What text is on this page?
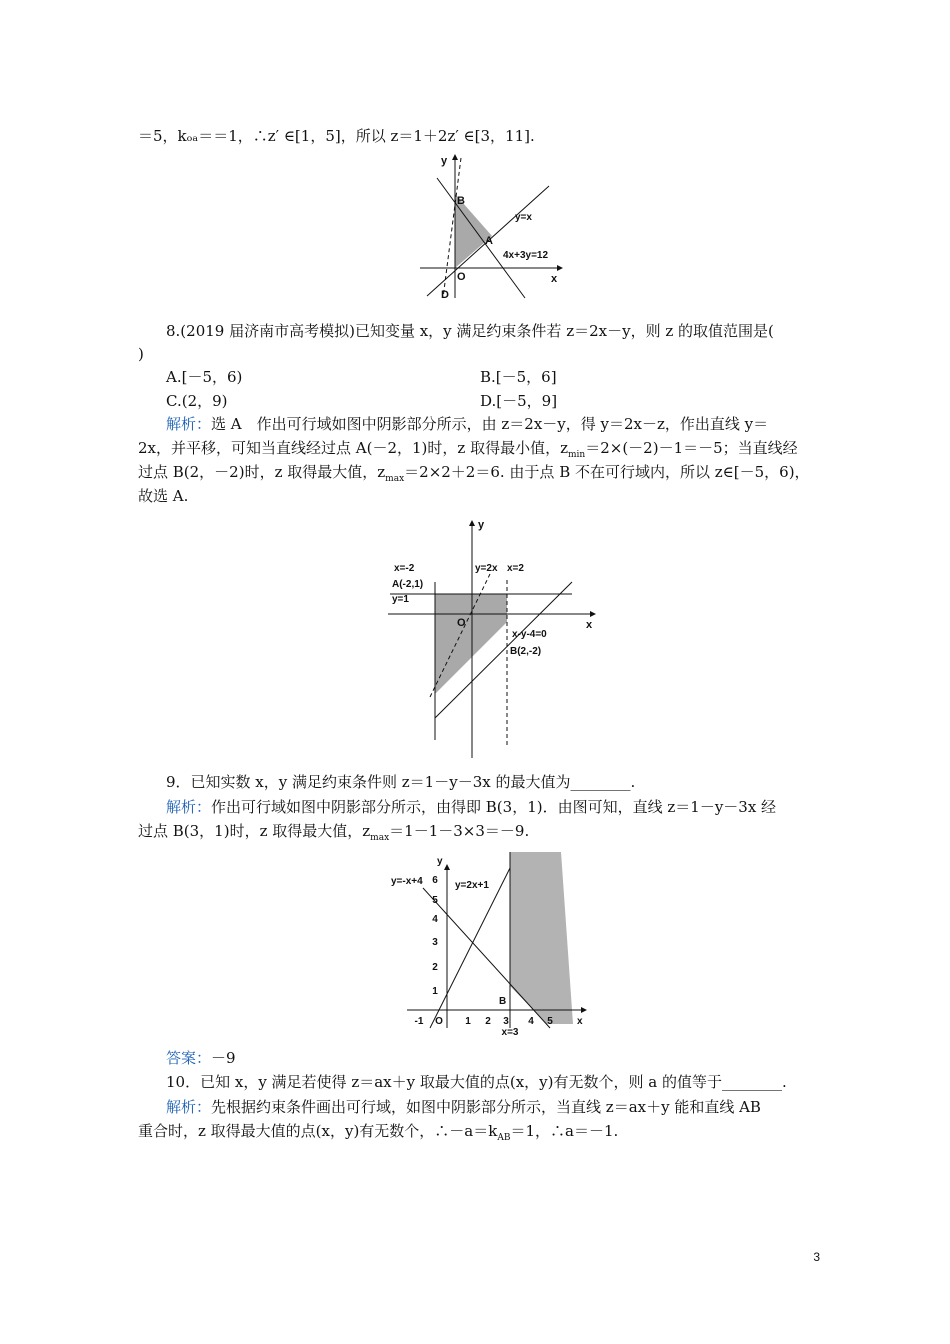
＝5，kₒₐ＝＝1，∴z′ ∈[1，5]，所以 z＝1＋2z′ ∈[3，11].
y
x
O
B
A
D
y=x
4x+3y=12
8.(2019 届济南市高考模拟)已知变量 x，y 满足约束条件若 z＝2x－y，则 z 的取值范围是(
)
A.[－5，6)	B.[－5，6]
C.(2，9)	D.[－5，9]
解析：选 A　作出可行域如图中阴影部分所示，由 z＝2x－y，得 y＝2x－z，作出直线 y＝
2x，并平移，可知当直线经过点 A(－2，1)时，z 取得最小值，$z_{min}=2\times(-2)-1=-5$；当直线经
过点 B(2，－2)时，z 取得最大值，$z_{max}=2\times 2+2=6$. 由于点 B 不在可行域内，所以 z∈[－5，6)，
故选 A.
y
x
O
x=-2
A(-2,1)
y=1
y=2x x=2
x-y-4=0
B(2,-2)
9．已知实数 x，y 满足约束条件则 z＝1－y－3x 的最大值为________.
解析：作出可行域如图中阴影部分所示，由得即 B(3，1)．由图可知，直线 z＝1－y－3x 经
过点 B(3，1)时，z 取得最大值，$z_{max}=1-1-3\times 3=-9$.
1
2
3
4
5
6
-1 O 1 2 3 4 5
x=3
x
y
B
y=-x+4	y=2x+1
答案：－9
10．已知 x，y 满足若使得 z＝ax＋y 取最大值的点(x，y)有无数个，则 a 的值等于________.
解析：先根据约束条件画出可行域，如图中阴影部分所示，当直线 z＝ax＋y 能和直线 AB
重合时，z 取得最大值的点(x，y)有无数个，$\therefore-a=k_{AB}=1$，∴a＝－1.
3
